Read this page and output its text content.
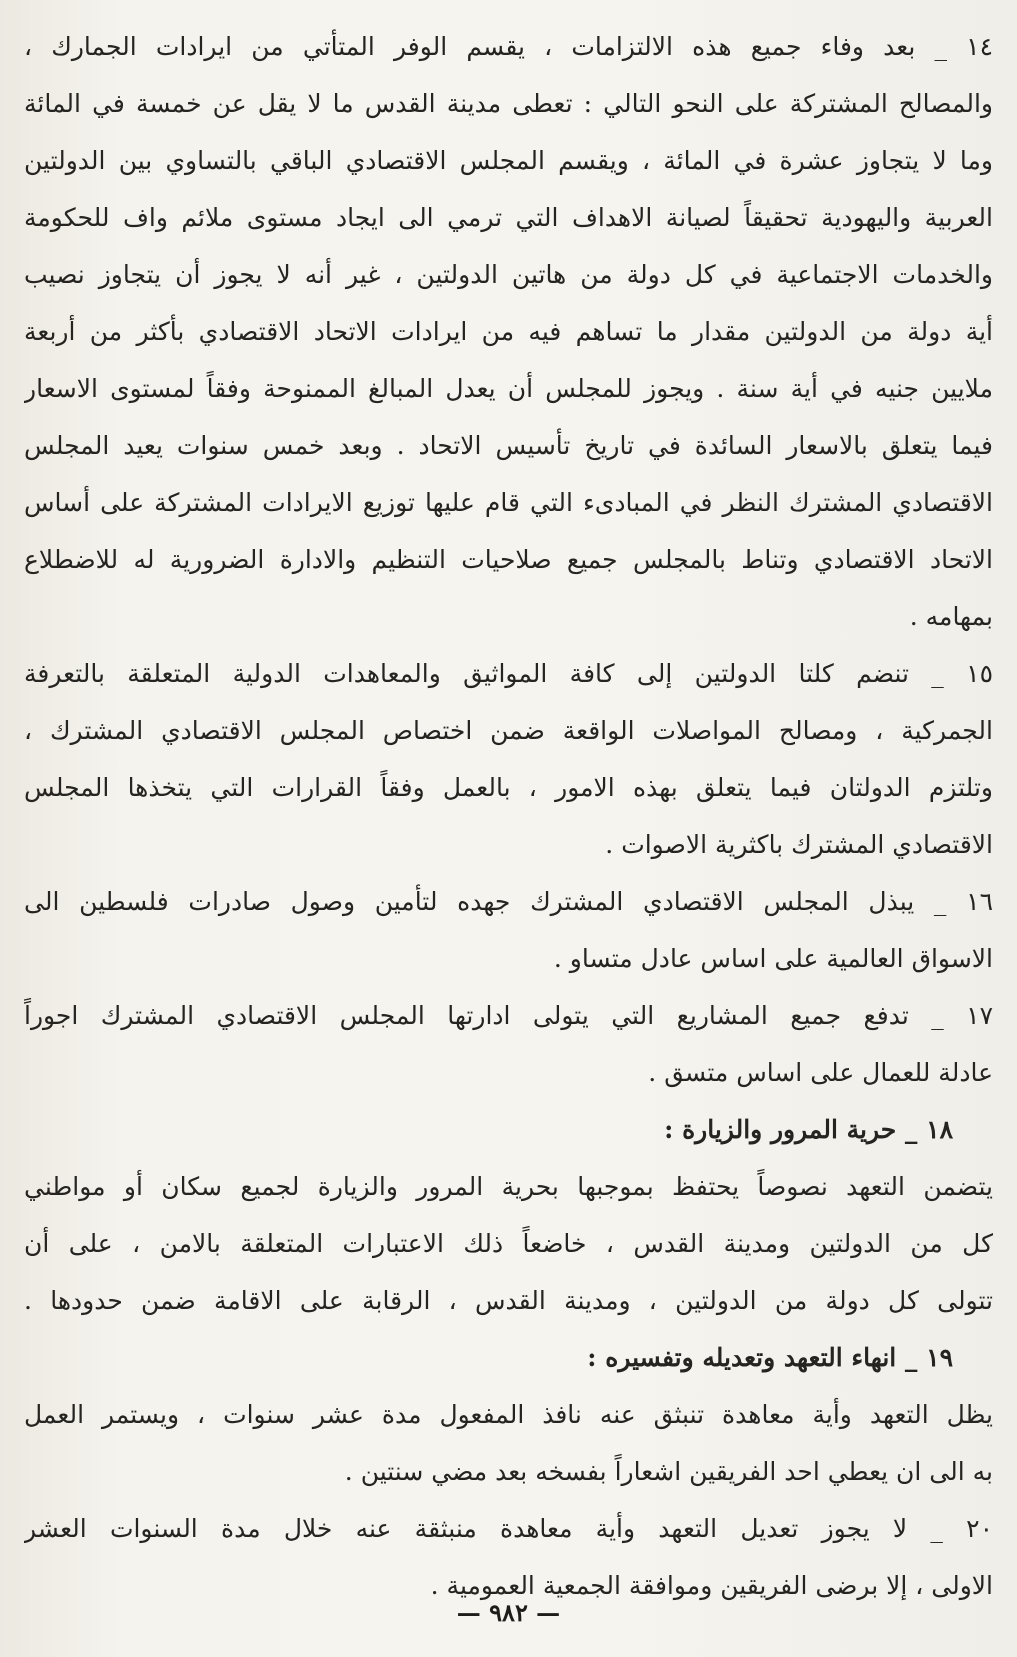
١٤ _ بعد وفاء جميع هذه الالتزامات ، يقسم الوفر المتأتي من ايرادات الجمارك ،
والمصالح المشتركة على النحو التالي : تعطى مدينة القدس ما لا يقل عن خمسة في المائة
وما لا يتجاوز عشرة في المائة ، ويقسم المجلس الاقتصادي الباقي بالتساوي بين الدولتين
العربية واليهودية تحقيقاً لصيانة الاهداف التي ترمي الى ايجاد مستوى ملائم واف للحكومة
والخدمات الاجتماعية في كل دولة من هاتين الدولتين ، غير أنه لا يجوز أن يتجاوز نصيب
أية دولة من الدولتين مقدار ما تساهم فيه من ايرادات الاتحاد الاقتصادي بأكثر من أربعة
ملايين جنيه في أية سنة . ويجوز للمجلس أن يعدل المبالغ الممنوحة وفقاً لمستوى الاسعار
فيما يتعلق بالاسعار السائدة في تاريخ تأسيس الاتحاد . وبعد خمس سنوات يعيد المجلس
الاقتصادي المشترك النظر في المبادىء التي قام عليها توزيع الايرادات المشتركة على أساس
الاتحاد الاقتصادي وتناط بالمجلس جميع صلاحيات التنظيم والادارة الضرورية له للاضطلاع
بمهامه .
١٥ _ تنضم كلتا الدولتين إلى كافة المواثيق والمعاهدات الدولية المتعلقة بالتعرفة
الجمركية ، ومصالح المواصلات الواقعة ضمن اختصاص المجلس الاقتصادي المشترك ،
وتلتزم الدولتان فيما يتعلق بهذه الامور ، بالعمل وفقاً القرارات التي يتخذها المجلس
الاقتصادي المشترك باكثرية الاصوات .
١٦ _ يبذل المجلس الاقتصادي المشترك جهده لتأمين وصول صادرات فلسطين الى
الاسواق العالمية على اساس عادل متساو .
١٧ _ تدفع جميع المشاريع التي يتولى ادارتها المجلس الاقتصادي المشترك اجوراً
عادلة للعمال على اساس متسق .
١٨ _ حرية المرور والزيارة :
يتضمن التعهد نصوصاً يحتفظ بموجبها بحرية المرور والزيارة لجميع سكان أو مواطني
كل من الدولتين ومدينة القدس ، خاضعاً ذلك الاعتبارات المتعلقة بالامن ، على أن
تتولى كل دولة من الدولتين ، ومدينة القدس ، الرقابة على الاقامة ضمن حدودها .
١٩ _ انهاء التعهد وتعديله وتفسيره :
يظل التعهد وأية معاهدة تنبثق عنه نافذ المفعول مدة عشر سنوات ، ويستمر العمل
به الى ان يعطي احد الفريقين اشعاراً بفسخه بعد مضي سنتين .
٢٠ _ لا يجوز تعديل التعهد وأية معاهدة منبثقة عنه خلال مدة السنوات العشر
الاولى ، إلا برضى الفريقين وموافقة الجمعية العمومية .
— ٩٨٢ —
